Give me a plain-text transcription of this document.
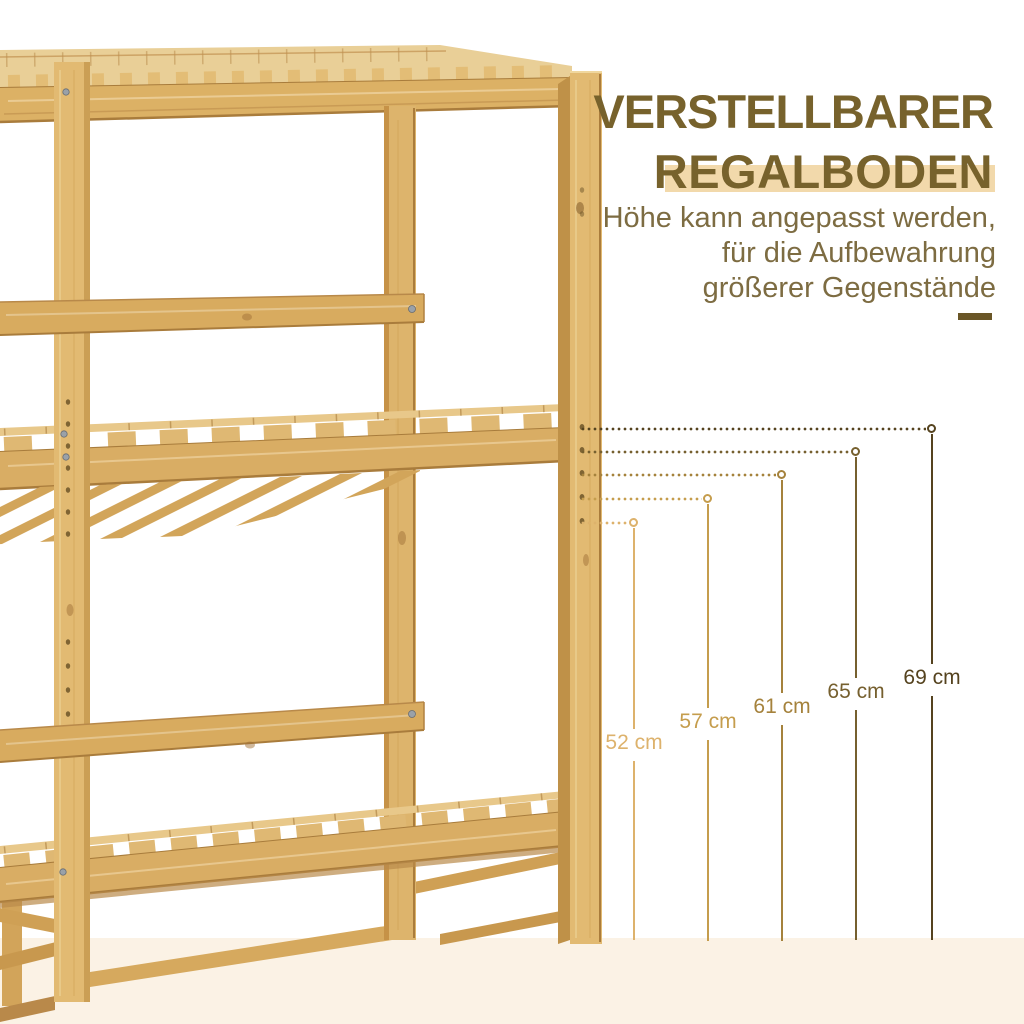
VERSTELLBARER
REGALBODEN
Höhe kann angepasst werden,
für die Aufbewahrung
größerer Gegenstände
69 cm
65 cm
61 cm
57 cm
52 cm
